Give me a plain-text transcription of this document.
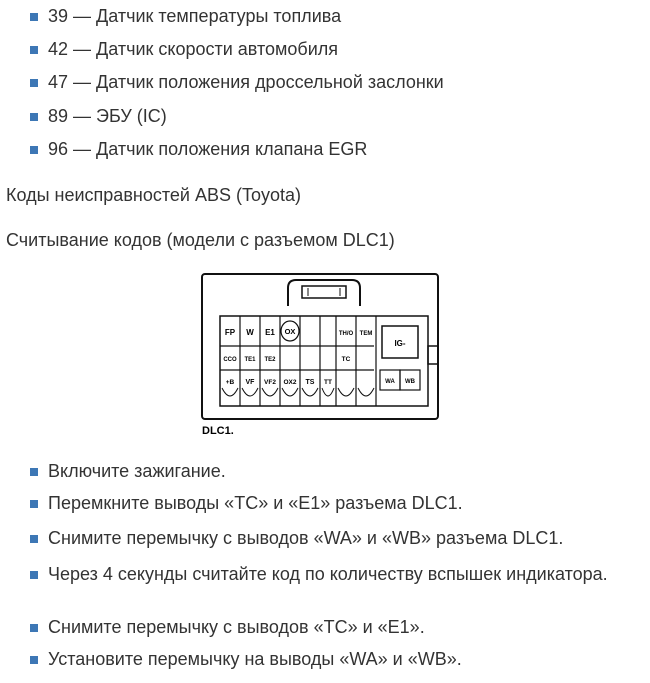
39 — Датчик температуры топлива
42 — Датчик скорости автомобиля
47 — Датчик положения дроссельной заслонки
89 — ЭБУ (IC)
96 — Датчик положения клапана EGR

Коды неисправностей ABS (Toyota)

Считывание кодов (модели с разъемом DLC1)

FP W E1 OX	TH/O TEM
CCO TE1 TE2	TC
IG-
+B VF VF2 OX2 TS TT	WA WB
DLC1.
Включите зажигание.
Перемкните выводы «TC» и «E1» разъема DLC1.
Снимите перемычку с выводов «WA» и «WB» разъема DLC1.
Через 4 секунды считайте код по количеству вспышек индикатора.
Снимите перемычку с выводов «TC» и «E1».
Установите перемычку на выводы «WA» и «WB».
